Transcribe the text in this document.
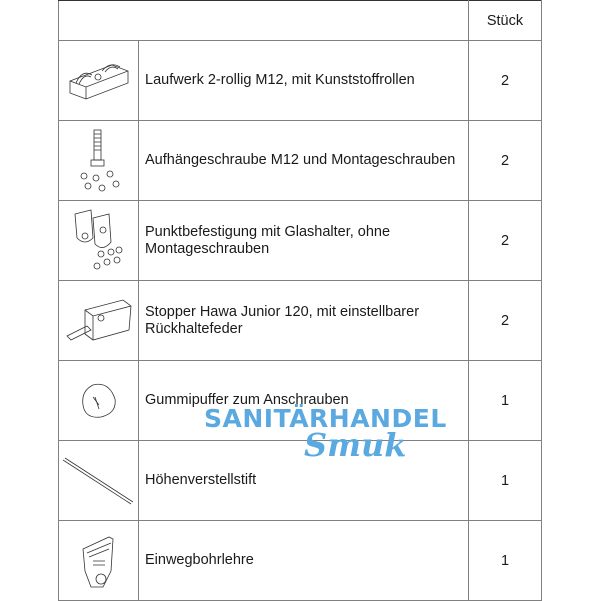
		Stück

	Laufwerk 2-rollig M12, mit Kunststoffrollen	2

	Aufhängeschraube M12 und Montageschrauben	2

	Punktbefestigung mit Glashalter, ohne Montageschrauben	2

	Stopper Hawa Junior 120, mit einstellbarer Rückhaltefeder	2

	Gummipuffer zum Anschrauben	1

	Höhenverstellstift	1

	Einwegbohrlehre	1
SANITÄRHANDEL
Smuk
